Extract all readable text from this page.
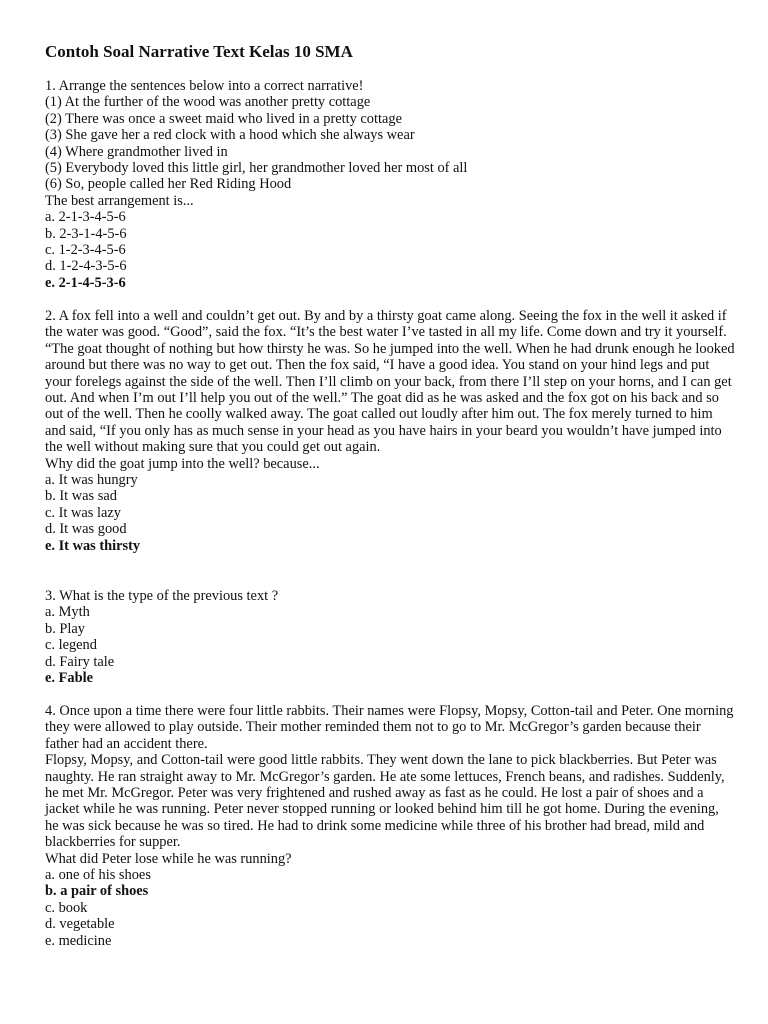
Contoh Soal Narrative Text Kelas 10 SMA
1. Arrange the sentences below into a correct narrative!
(1) At the further of the wood was another pretty cottage
(2) There was once a sweet maid who lived in a pretty cottage
(3) She gave her a red clock with a hood which she always wear
(4) Where grandmother lived in
(5) Everybody loved this little girl, her grandmother loved her most of all
(6) So, people called her Red Riding Hood
The best arrangement is...
a. 2-1-3-4-5-6
b. 2-3-1-4-5-6
c. 1-2-3-4-5-6
d. 1-2-4-3-5-6
e. 2-1-4-5-3-6
2. A fox fell into a well and couldn’t get out. By and by a thirsty goat came along. Seeing the fox in the well it asked if the water was good. “Good”, said the fox. “It’s the best water I’ve tasted in all my life. Come down and try it yourself. “The goat thought of nothing but how thirsty he was. So he jumped into the well. When he had drunk enough he looked around but there was no way to get out. Then the fox said, “I have a good idea. You stand on your hind legs and put your forelegs against the side of the well. Then I’ll climb on your back, from there I’ll step on your horns, and I can get out. And when I’m out I’ll help you out of the well.” The goat did as he was asked and the fox got on his back and so out of the well. Then he coolly walked away. The goat called out loudly after him out. The fox merely turned to him and said, “If you only has as much sense in your head as you have hairs in your beard you wouldn’t have jumped into the well without making sure that you could get out again.
Why did the goat jump into the well? because...
a. It was hungry
b. It was sad
c. It was lazy
d. It was good
e. It was thirsty
3. What is the type of the previous text ?
a. Myth
b. Play
c. legend
d. Fairy tale
e. Fable
4. Once upon a time there were four little rabbits. Their names were Flopsy, Mopsy, Cotton-tail and Peter. One morning they were allowed to play outside. Their mother reminded them not to go to Mr. McGregor’s garden because their father had an accident there.
Flopsy, Mopsy, and Cotton-tail were good little rabbits. They went down the lane to pick blackberries. But Peter was naughty. He ran straight away to Mr. McGregor’s garden. He ate some lettuces, French beans, and radishes. Suddenly, he met Mr. McGregor. Peter was very frightened and rushed away as fast as he could. He lost a pair of shoes and a jacket while he was running. Peter never stopped running or looked behind him till he got home. During the evening, he was sick because he was so tired. He had to drink some medicine while three of his brother had bread, mild and blackberries for supper.
What did Peter lose while he was running?
a. one of his shoes
b. a pair of shoes
c. book
d. vegetable
e. medicine
